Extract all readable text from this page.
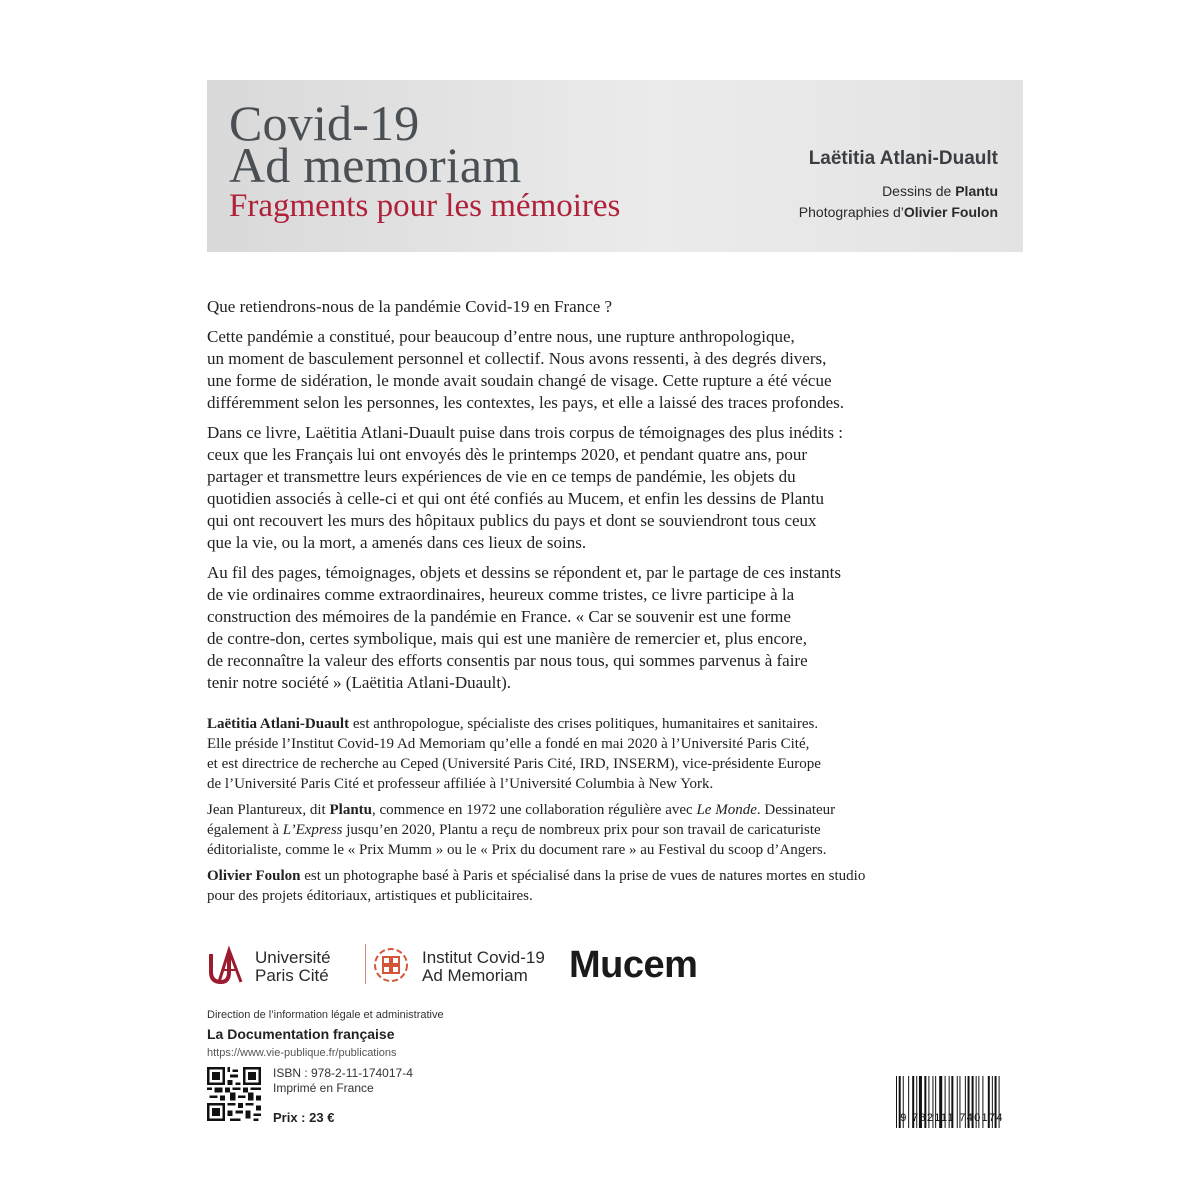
Covid-19
Ad memoriam
Fragments pour les mémoires
Laëtitia Atlani-Duault
Dessins de Plantu
Photographies d’Olivier Foulon

Que retiendrons-nous de la pandémie Covid-19 en France ?

Cette pandémie a constitué, pour beaucoup d’entre nous, une rupture anthropologique,
un moment de basculement personnel et collectif. Nous avons ressenti, à des degrés divers,
une forme de sidération, le monde avait soudain changé de visage. Cette rupture a été vécue
différemment selon les personnes, les contextes, les pays, et elle a laissé des traces profondes.

Dans ce livre, Laëtitia Atlani-Duault puise dans trois corpus de témoignages des plus inédits :
ceux que les Français lui ont envoyés dès le printemps 2020, et pendant quatre ans, pour
partager et transmettre leurs expériences de vie en ce temps de pandémie, les objets du
quotidien associés à celle-ci et qui ont été confiés au Mucem, et enfin les dessins de Plantu
qui ont recouvert les murs des hôpitaux publics du pays et dont se souviendront tous ceux
que la vie, ou la mort, a amenés dans ces lieux de soins.

Au fil des pages, témoignages, objets et dessins se répondent et, par le partage de ces instants
de vie ordinaires comme extraordinaires, heureux comme tristes, ce livre participe à la
construction des mémoires de la pandémie en France. « Car se souvenir est une forme
de contre-don, certes symbolique, mais qui est une manière de remercier et, plus encore,
de reconnaître la valeur des efforts consentis par nous tous, qui sommes parvenus à faire
tenir notre société » (Laëtitia Atlani-Duault).

Laëtitia Atlani-Duault est anthropologue, spécialiste des crises politiques, humanitaires et sanitaires.
Elle préside l’Institut Covid-19 Ad Memoriam qu’elle a fondé en mai 2020 à l’Université Paris Cité,
et est directrice de recherche au Ceped (Université Paris Cité, IRD, INSERM), vice-présidente Europe
de l’Université Paris Cité et professeur affiliée à l’Université Columbia à New York.

Jean Plantureux, dit Plantu, commence en 1972 une collaboration régulière avec Le Monde. Dessinateur
également à L’Express jusqu’en 2020, Plantu a reçu de nombreux prix pour son travail de caricaturiste
éditorialiste, comme le « Prix Mumm » ou le « Prix du document rare » au Festival du scoop d’Angers.

Olivier Foulon est un photographe basé à Paris et spécialisé dans la prise de vues de natures mortes en studio
pour des projets éditoriaux, artistiques et publicitaires.

Université
Paris Cité
Institut Covid-19
Ad Memoriam	Mucem
Direction de l’information légale et administrative
La Documentation française
https://www.vie-publique.fr/publications
ISBN : 978-2-11-174017-4
Imprimé en France
Prix : 23 €	9 782111 740174
